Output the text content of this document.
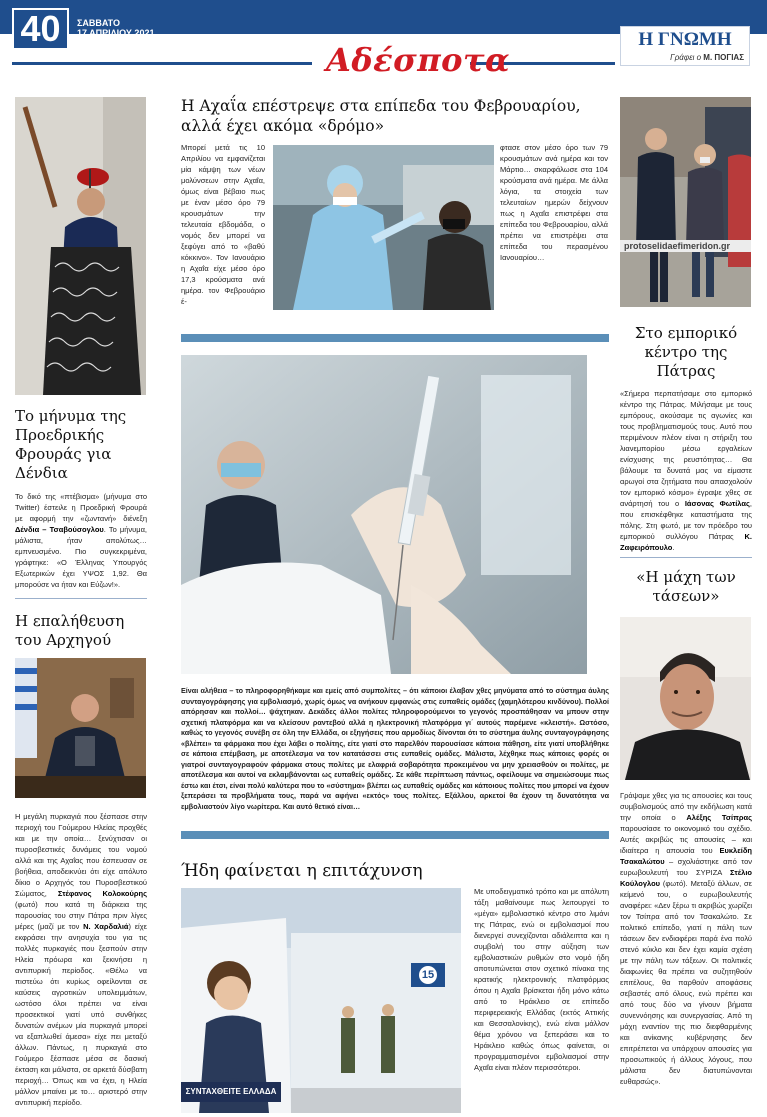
40	ΣΑΒΒΑΤΟ
17 ΑΠΡΙΛΙΟΥ 2021	Η ΓΝΩΜΗ
Γράφει ο Μ. ΠΟΓΙΑΣ
Αδέσποτα
Το μήνυμα της Προεδρικής Φρουράς για Δένδια

Το δικό της «πτέβισμα» (μήνυμα στο Twitter) έστειλε η Προεδρική Φρουρά με αφορμή την «ζωντανή» διένεξη Δένδια – Τσαβούσογλου. Το μήνυμα, μάλιστα, ήταν απολύτως… εμπνευσμένο. Πιο συγκεκριμένα, γράφτηκε: «Ο Έλληνας Υπουργός Εξωτερικών έχει ΥΨΟΣ 1,92. Θα μπορούσε να ήταν και Εύζων!».

Η επαλήθευση του Αρχηγού

Η μεγάλη πυρκαγιά που ξέσπασε στην περιοχή του Γούμερου Ηλείας προχθές και με την οποία… ξενύχτισαν οι πυροσβεστικές δυνάμεις του νομού αλλά και της Αχαΐας που έσπευσαν σε βοήθεια, αποδεικνύει ότι είχε απόλυτο δίκιο ο Αρχηγός του Πυροσβεστικού Σώματος, Στέφανος Κολοκούρης (φωτό) που κατά τη διάρκεια της παρουσίας του στην Πάτρα πριν λίγες μέρες (μαζί με τον Ν. Χαρδαλιά) είχε εκφράσει την ανησυχία του για τις πολλές πυρκαγιές που ξεσπούν στην Ηλεία πρόωρα και ξεκινήσει η αντιπυρική περίοδος. «Θέλω να πιστεύω ότι κυρίως οφείλονται σε καύσεις αγροτικών υπολειμμάτων, ωστόσο όλοι πρέπει να είναι προσεκτικοί γιατί υπό συνθήκες δυνατών ανέμων μία πυρκαγιά μπορεί να εξαπλωθεί άμεσα» είχε πει μεταξύ άλλων. Πάντως, η πυρκαγιά στο Γούμερο ξέσπασε μέσα σε δασική έκταση και μάλιστα, σε αρκετά δύσβατη περιοχή… Όπως και να έχει, η Ηλεία μάλλον μπαίνει με το… αριστερό στην αντιπυρική περίοδο.

Η Αχαΐα επέστρεψε στα επίπεδα του Φεβρουαρίου, αλλά έχει ακόμα «δρόμο»

Μπορεί μετά τις 10 Απριλίου να εμφανίζεται μία κάμψη των νέων μολύνσεων στην Αχαΐα, όμως είναι βέβαιο πως με έναν μέσο όρο 79 κρουσμάτων την τελευταία εβδομάδα, ο νομός δεν μπορεί να ξεφύγει από το «βαθύ κόκκινο». Τον Ιανουάριο η Αχαΐα είχε μέσο όρο 17,3 κρούσματα ανά ημέρα. τον Φεβρουάριο έ-

φτασε στον μέσο όρο των 79 κρουσμάτων ανά ημέρα και τον Μάρτιο… σκαρφάλωσε στα 104 κρούσματα ανά ημέρα. Με άλλα λόγια, τα στοιχεία των τελευταίων ημερών δείχνουν πως η Αχαΐα επιστρέφει στα επίπεδα του Φεβρουαρίου, αλλά πρέπει να επιστρέψει στα επίπεδα του περασμένου Ιανουαρίου…

Είναι αλήθεια – το πληροφορηθήκαμε και εμείς από συμπολίτες – ότι κάποιοι έλαβαν χθες μηνύματα από το σύστημα άυλης συνταγογράφησης για εμβολιασμό, χωρίς όμως να ανήκουν εμφανώς στις ευπαθείς ομάδες (χαμηλότερου κινδύνου). Πολλοί απόρησαν και πολλοί… ψάχτηκαν. Δεκάδες άλλοι πολίτες πληροφορούμενοι το γεγονός προσπάθησαν να μπουν στην σχετική πλατφόρμα και να κλείσουν ραντεβού αλλά η ηλεκτρονική πλατφόρμα γι΄ αυτούς παρέμενε «κλειστή». Ωστόσο, καθώς το γεγονός συνέβη σε όλη την Ελλάδα, οι εξηγήσεις που αρμοδίως δίνονται ότι το σύστημα άυλης συνταγογράφησης «βλέπει» τα φάρμακα που έχει λάβει ο πολίτης, είτε γιατί στο παρελθόν παρουσίασε κάποια πάθηση, είτε γιατί υποβλήθηκε σε κάποια επέμβαση, με αποτέλεσμα να τον κατατάσσει στις ευπαθείς ομάδες. Μάλιστα, λέχθηκε πως κάποιες φορές οι γιατροί συνταγογραφούν φάρμακα στους πολίτες με ελαφριά σοβαρότητα προκειμένου να μην χρειασθούν οι πολίτες, με αποτέλεσμα και αυτοί να εκλαμβάνονται ως ευπαθείς ομάδες. Σε κάθε περίπτωση πάντως, οφείλουμε να σημειώσουμε πως έστω και έτσι, είναι πολύ καλύτερα που το «σύστημα» βλέπει ως ευπαθείς ομάδες και κάποιους πολίτες που μπορεί να έχουν ξεπεράσει τα προβλήματα τους, παρά να αφήνει «εκτός» τους πολίτες. Εξάλλου, αρκετοί θα έχουν τη δυνατότητα να εμβολιαστούν λίγο νωρίτερα. Και αυτό θετικό είναι…

Ήδη φαίνεται η επιτάχυνση
ΣΥΝΤΑΧΘΕΙΤΕ ΕΛΛΑΔΑ
15

Με υποδειγματικό τρόπο και με απόλυτη τάξη μαθαίνουμε πως λειτουργεί το «μέγα» εμβολιαστικό κέντρο στο λιμάνι της Πάτρας, ενώ οι εμβολιασμοί που διενεργεί συνεχίζονται αδιάλειπτα και η συμβολή του στην αύξηση των εμβολιαστικών ρυθμών στο νομό ήδη αποτυπώνεται στον σχετικό πίνακα της κρατικής ηλεκτρονικής πλατφόρμας όπου η Αχαΐα βρίσκεται ήδη μόνο κάτω από το Ηράκλειο σε επίπεδο περιφερειακής Ελλάδας (εκτός Αττικής και Θεσσαλονίκης), ενώ είναι μάλλον θέμα χρόνου να ξεπεράσει και το Ηράκλειο καθώς όπως φαίνεται, οι προγραμματισμένοι εμβολιασμοί στην Αχαΐα είναι πλέον περισσότεροι.

protoselidaefimeridon.gr
Στο εμπορικό κέντρο της Πάτρας

«Σήμερα περπατήσαμε στο εμπορικό κέντρο της Πάτρας. Μιλήσαμε με τους εμπόρους, ακούσαμε τις αγωνίες και τους προβληματισμούς τους. Αυτό που περιμένουν πλέον είναι η στήριξη του λιανεμπορίου μέσω εργαλείων ενίσχυσης της ρευστότητας… Θα βάλουμε τα δυνατά μας να είμαστε αρωγοί στα ζητήματα που απασχολούν τον εμπορικό κόσμο» έγραψε χθες σε ανάρτησή του ο Ιάσονας Φωτίλας, που επισκέφθηκε καταστήματα της πόλης. Στη φωτό, με τον πρόεδρο του εμπορικού συλλόγου Πάτρας Κ. Ζαφειρόπουλο.

«Η μάχη των τάσεων»

Γράψαμε χθες για τις απουσίες και τους συμβολισμούς από την εκδήλωση κατά την οποία ο Αλέξης Τσίπρας παρουσίασε το οικονομικό του σχέδιο. Αυτές ακριβώς τις απουσίες – και ιδιαίτερα η απουσία του Ευκλείδη Τσακαλώτου – σχολιάστηκε από τον ευρωβουλευτή του ΣΥΡΙΖΑ Στέλιο Κούλογλου (φωτό). Μεταξύ άλλων, σε κείμενό του, ο ευρωβουλευτής αναφέρει: «Δεν ξέρω τι ακριβώς χωρίζει τον Τσίπρα από τον Τσακαλώτο. Σε πολιτικό επίπεδο, γιατί η πάλη των τάσεων δεν ενδιαφέρει παρά ένα πολύ στενό κύκλο και δεν έχει καμία σχέση με την πάλη των τάξεων. Οι πολιτικές διαφωνίες θα πρέπει να συζητηθούν επιτέλους, θα παρθούν αποφάσεις σεβαστές από όλους, ενώ πρέπει και από τους δύο να γίνουν βήματα συνεννόησης και συνεργασίας. Από τη μάχη εναντίον της πιο διεφθαρμένης και ανίκανης κυβέρνησης δεν επιτρέπεται να υπάρχουν απουσίες για προσωπικούς ή άλλους λόγους, που μάλιστα δεν διατυπώνονται ευθαρσώς».
